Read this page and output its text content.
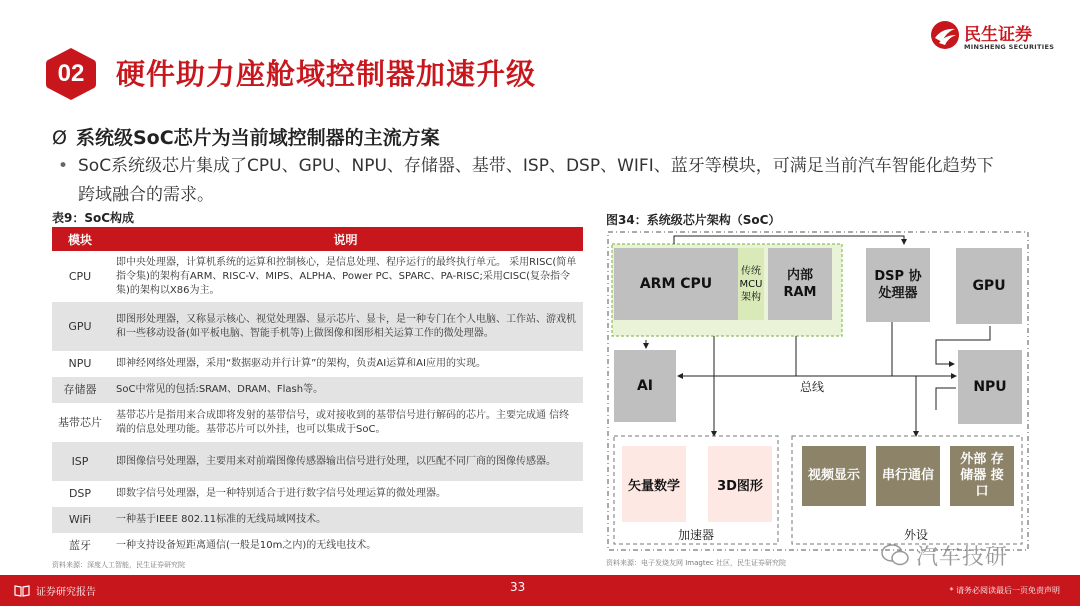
02	硬件助力座舱域控制器加速升级
民生证券
MINSHENG SECURITIES
Ø 系统级SoC芯片为当前域控制器的主流方案
• SoC系统级芯片集成了CPU、GPU、NPU、存储器、基带、ISP、DSP、WIFI、蓝牙等模块，可满足当前汽车智能化趋势下
跨域融合的需求。
表9：SoC构成
模块	说明
CPU	即中央处理器，计算机系统的运算和控制核心，是信息处理、程序运行的最终执行单元。 采用RISC(简单指令集)的架构有ARM、RISC-V、MIPS、ALPHA、Power PC、SPARC、PA-RISC;采用CISC(复杂指令集)的架构以X86为主。
GPU	即图形处理器，又称显示核心、视觉处理器、显示芯片、显卡，是一种专门在个人电脑、工作站、游戏机和一些移动设备(如平板电脑、智能手机等)上做图像和图形相关运算工作的微处理器。
NPU	即神经网络处理器，采用“数据驱动并行计算”的架构，负责AI运算和AI应用的实现。
存储器	SoC中常见的包括:SRAM、DRAM、Flash等。
基带芯片	基带芯片是指用来合成即将发射的基带信号，或对接收到的基带信号进行解码的芯片。主要完成通 信终端的信息处理功能。基带芯片可以外挂，也可以集成于SoC。
ISP	即图像信号处理器，主要用来对前端图像传感器输出信号进行处理，以匹配不同厂商的图像传感器。
DSP	即数字信号处理器，是一种特别适合于进行数字信号处理运算的微处理器。
WiFi	一种基于IEEE 802.11标准的无线局域网技术。
蓝牙	一种支持设备短距离通信(一般是10m之内)的无线电技术。
资料来源：深度人工智能，民生证券研究院
图34：系统级芯片架构（SoC）
ARM CPU
传统 MCU 架构
内部 RAM
DSP 协处理器	GPU
AI	总线	NPU
矢量数学	3D图形
加速器
视频显示	串行通信
外部 存储器 接口
外设
资料来源：电子发烧友网 Imagtec 社区，民生证券研究院	汽车技研
证券研究报告	33	* 请务必阅读最后一页免责声明
